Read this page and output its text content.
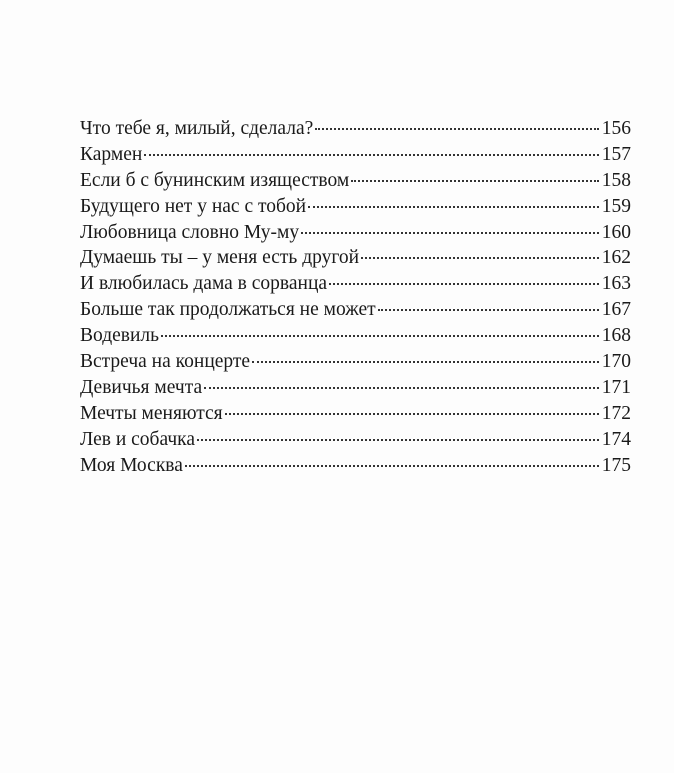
Что тебе я, милый, сделала?	156
Кармен	157
Если б с бунинским изяществом	158
Будущего нет у нас с тобой	159
Любовница словно Му-му	160
Думаешь ты – у меня есть другой	162
И влюбилась дама в сорванца	163
Больше так продолжаться не может	167
Водевиль	168
Встреча на концерте	170
Девичья мечта	171
Мечты меняются	172
Лев и собачка	174
Моя Москва	175
